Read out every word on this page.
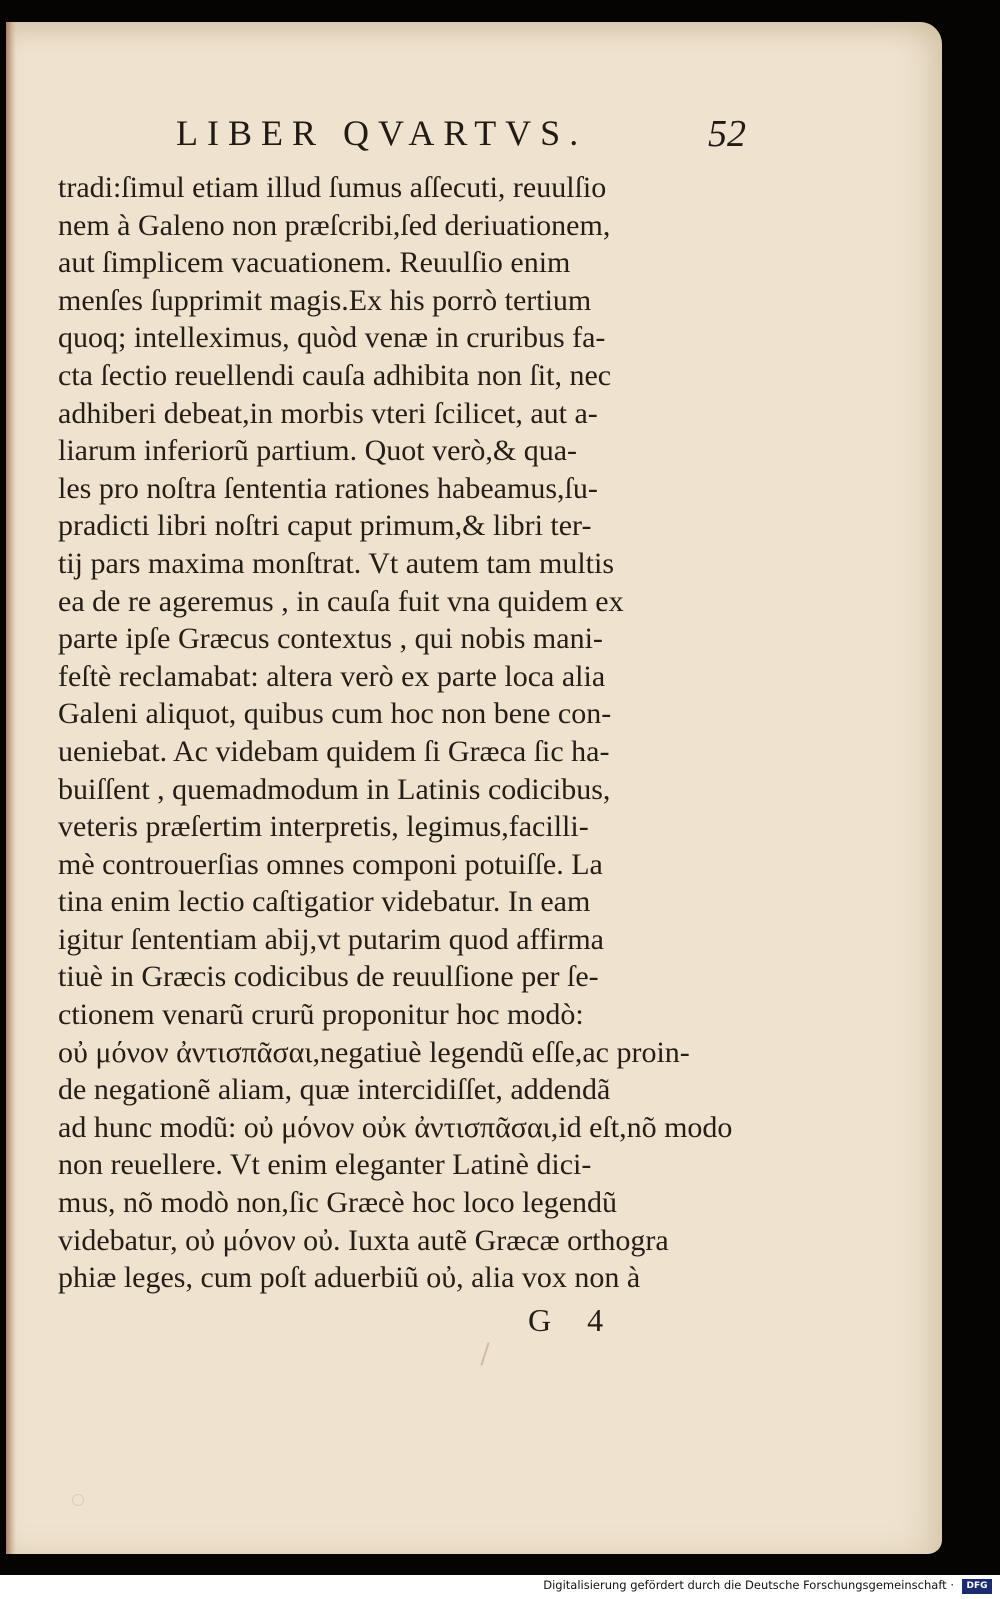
LIBER QVARTVS.	52
tradi:ſimul etiam illud ſumus aſſecuti, reuulſio
nem à Galeno non præſcribi,ſed deriuationem,
aut ſimplicem vacuationem. Reuulſio enim
menſes ſupprimit magis.Ex his porrò tertium
quoq; intelleximus, quòd venæ in cruribus fa-
cta ſectio reuellendi cauſa adhibita non ſit, nec
adhiberi debeat,in morbis vteri ſcilicet, aut a-
liarum inferiorũ partium. Quot verò,& qua-
les pro noſtra ſententia rationes habeamus,ſu-
pradicti libri noſtri caput primum,& libri ter-
tij pars maxima monſtrat. Vt autem tam multis
ea de re ageremus , in cauſa fuit vna quidem ex
parte ipſe Græcus contextus , qui nobis mani-
feſtè reclamabat: altera verò ex parte loca alia
Galeni aliquot, quibus cum hoc non bene con-
ueniebat. Ac videbam quidem ſi Græca ſic ha-
buiſſent , quemadmodum in Latinis codicibus,
veteris præſertim interpretis, legimus,facilli-
mè controuerſias omnes componi potuiſſe. La
tina enim lectio caſtigatior videbatur. In eam
igitur ſententiam abij,vt putarim quod affirma
tiuè in Græcis codicibus de reuulſione per ſe-
ctionem venarũ crurũ proponitur hoc modò:
οὐ μόνον ἀντισπᾶσαι,negatiuè legendũ eſſe,ac proin-
de negationẽ aliam, quæ intercidiſſet, addendã
ad hunc modũ: οὐ μόνον οὐκ ἀντισπᾶσαι,id eſt,nõ modo
non reuellere. Vt enim eleganter Latinè dici-
mus, nõ modò non,ſic Græcè hoc loco legendũ
videbatur, οὐ μόνον οὐ. Iuxta autẽ Græcæ orthogra
phiæ leges, cum poſt aduerbiũ οὐ, alia vox non à
G 4
Digitalisierung gefördert durch die Deutsche Forschungsgemeinschaft ·	DFG
